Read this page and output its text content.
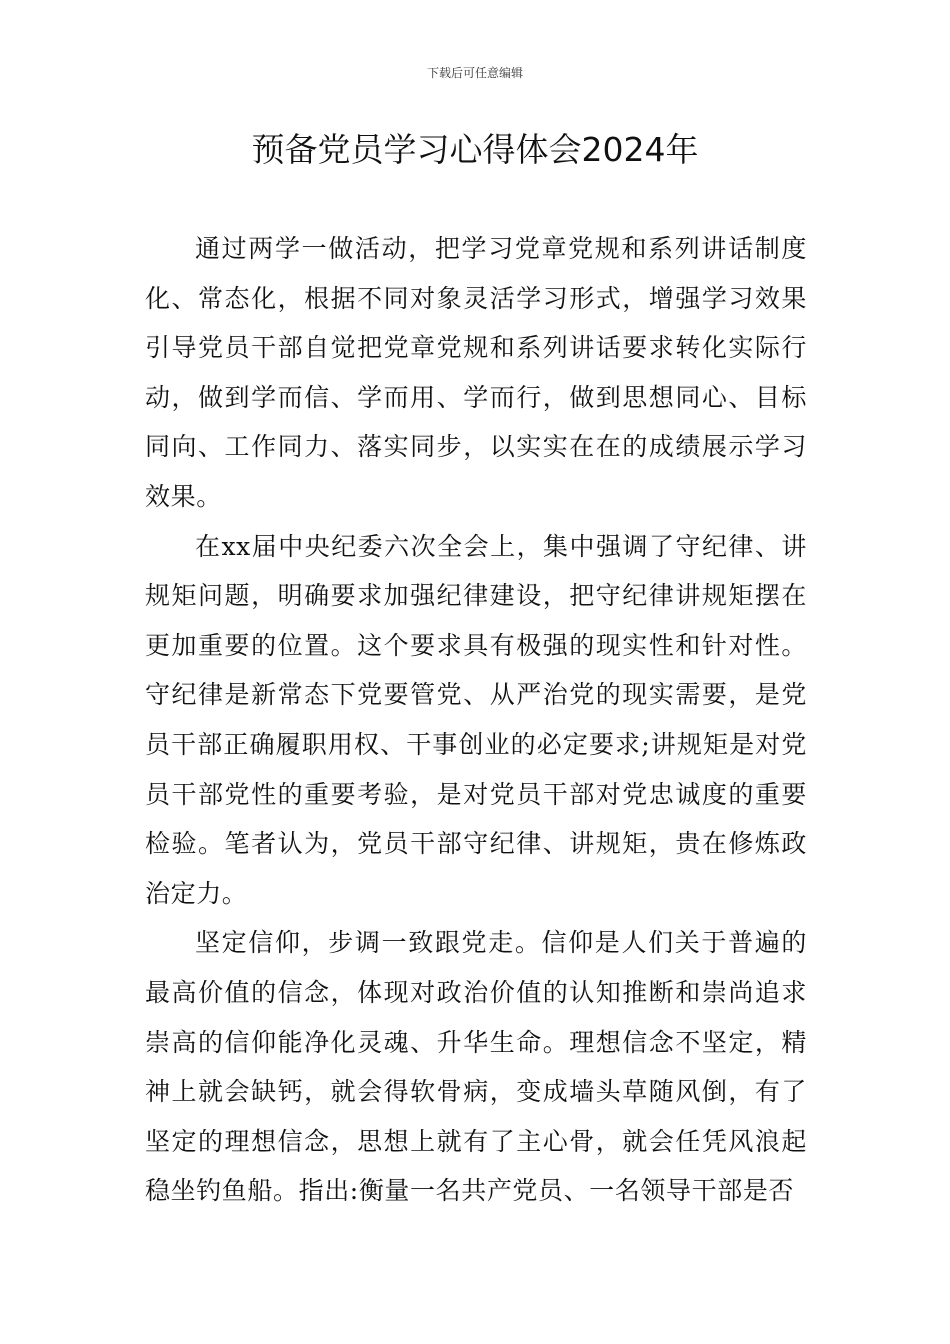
下载后可任意编辑
预备党员学习心得体会2024年

通过两学一做活动，把学习党章党规和系列讲话制度化、常态化，根据不同对象灵活学习形式，增强学习效果引导党员干部自觉把党章党规和系列讲话要求转化实际行动，做到学而信、学而用、学而行，做到思想同心、目标同向、工作同力、落实同步，以实实在在的成绩展示学习效果。

在xx届中央纪委六次全会上，集中强调了守纪律、讲规矩问题，明确要求加强纪律建设，把守纪律讲规矩摆在更加重要的位置。这个要求具有极强的现实性和针对性。守纪律是新常态下党要管党、从严治党的现实需要，是党员干部正确履职用权、干事创业的必定要求;讲规矩是对党员干部党性的重要考验，是对党员干部对党忠诚度的重要检验。笔者认为，党员干部守纪律、讲规矩，贵在修炼政治定力。

坚定信仰，步调一致跟党走。信仰是人们关于普遍的最高价值的信念，体现对政治价值的认知推断和崇尚追求崇高的信仰能净化灵魂、升华生命。理想信念不坚定，精神上就会缺钙，就会得软骨病，变成墙头草随风倒，有了坚定的理想信念，思想上就有了主心骨，就会任凭风浪起稳坐钓鱼船。指出:衡量一名共产党员、一名领导干部是否
